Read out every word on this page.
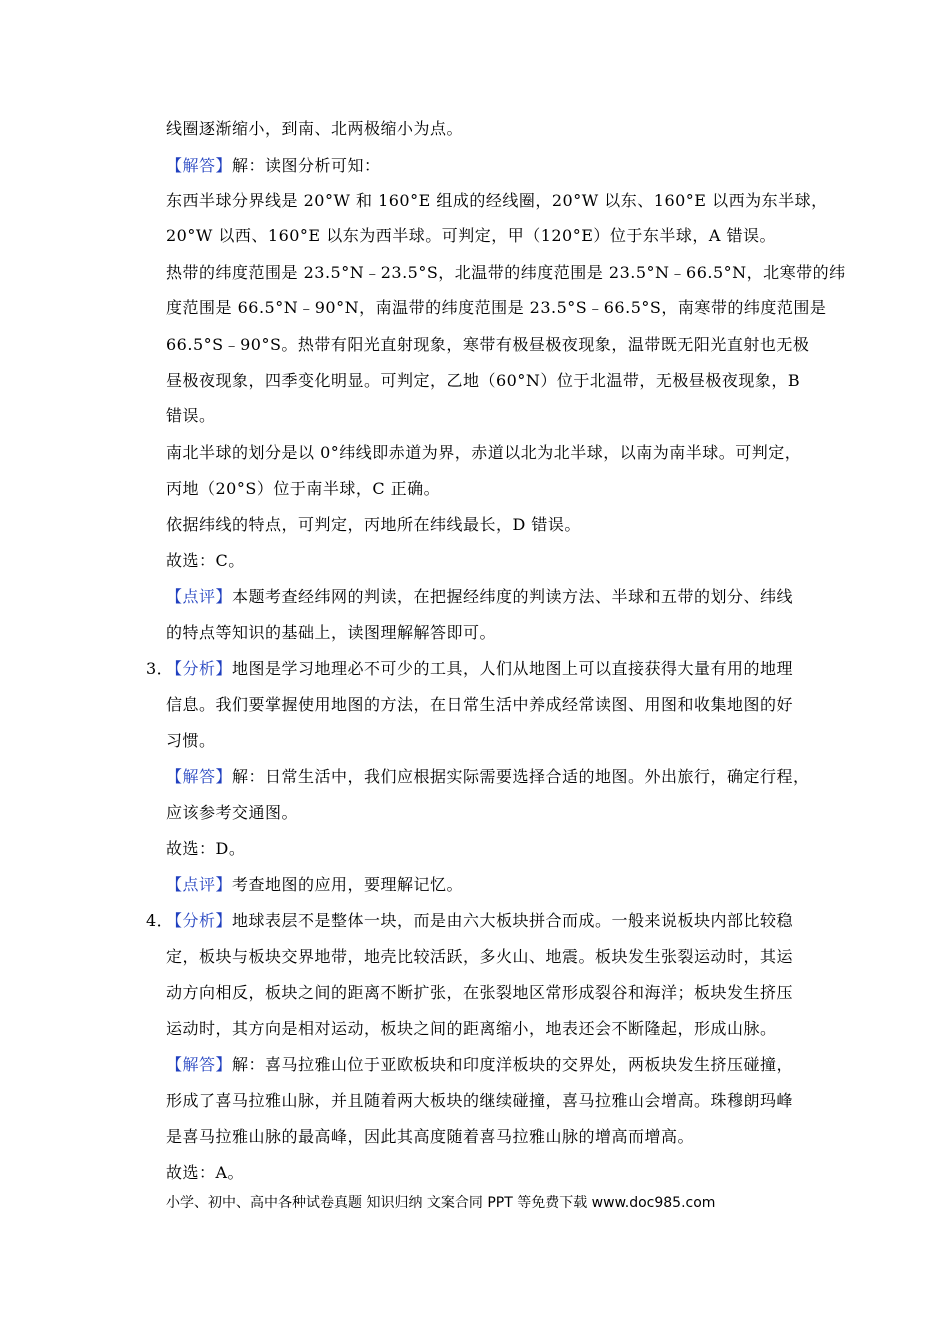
线圈逐渐缩小，到南、北两极缩小为点。
【解答】解：读图分析可知：
东西半球分界线是 20°W 和 160°E 组成的经线圈，20°W 以东、160°E 以西为东半球，
20°W 以西、160°E 以东为西半球。可判定，甲（120°E）位于东半球，A 错误。
热带的纬度范围是 23.5°N﹣23.5°S，北温带的纬度范围是 23.5°N﹣66.5°N，北寒带的纬
度范围是 66.5°N﹣90°N，南温带的纬度范围是 23.5°S﹣66.5°S，南寒带的纬度范围是
66.5°S﹣90°S。热带有阳光直射现象，寒带有极昼极夜现象，温带既无阳光直射也无极
昼极夜现象，四季变化明显。可判定，乙地（60°N）位于北温带，无极昼极夜现象，B
错误。
南北半球的划分是以 0°纬线即赤道为界，赤道以北为北半球，以南为南半球。可判定，
丙地（20°S）位于南半球，C 正确。
依据纬线的特点，可判定，丙地所在纬线最长，D 错误。
故选：C。
【点评】本题考查经纬网的判读，在把握经纬度的判读方法、半球和五带的划分、纬线
的特点等知识的基础上，读图理解解答即可。
3．
【分析】地图是学习地理必不可少的工具，人们从地图上可以直接获得大量有用的地理
信息。我们要掌握使用地图的方法，在日常生活中养成经常读图、用图和收集地图的好
习惯。
【解答】解：日常生活中，我们应根据实际需要选择合适的地图。外出旅行，确定行程，
应该参考交通图。
故选：D。
【点评】考查地图的应用，要理解记忆。
4．
【分析】地球表层不是整体一块，而是由六大板块拼合而成。一般来说板块内部比较稳
定，板块与板块交界地带，地壳比较活跃，多火山、地震。板块发生张裂运动时，其运
动方向相反，板块之间的距离不断扩张，在张裂地区常形成裂谷和海洋；板块发生挤压
运动时，其方向是相对运动，板块之间的距离缩小，地表还会不断隆起，形成山脉。
【解答】解：喜马拉雅山位于亚欧板块和印度洋板块的交界处，两板块发生挤压碰撞，
形成了喜马拉雅山脉，并且随着两大板块的继续碰撞，喜马拉雅山会增高。珠穆朗玛峰
是喜马拉雅山脉的最高峰，因此其高度随着喜马拉雅山脉的增高而增高。
故选：A。
小学、初中、高中各种试卷真题 知识归纳 文案合同 PPT 等免费下载 www.doc985.com
